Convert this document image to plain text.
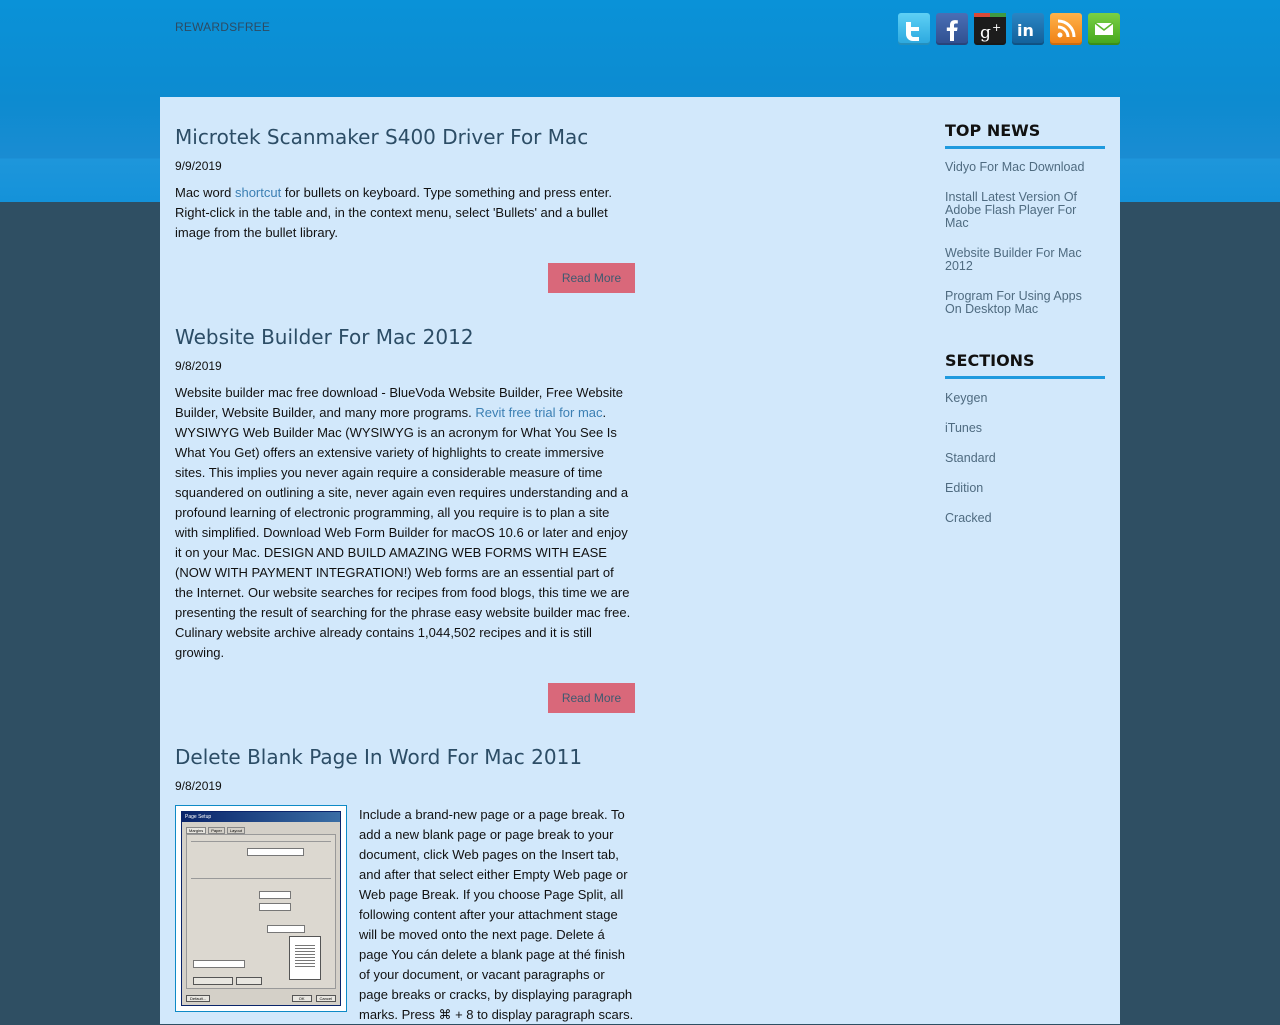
REWARDSFREE	g + in
Microtek Scanmaker S400 Driver For Mac
9/9/2019
Mac word shortcut for bullets on keyboard. Type something and press enter. Right-click in the table and, in the context menu, select 'Bullets' and a bullet image from the bullet library.
Read More
Website Builder For Mac 2012
9/8/2019
Website builder mac free download - BlueVoda Website Builder, Free Website Builder, Website Builder, and many more programs. Revit free trial for mac. WYSIWYG Web Builder Mac (WYSIWYG is an acronym for What You See Is What You Get) offers an extensive variety of highlights to create immersive sites. This implies you never again require a considerable measure of time squandered on outlining a site, never again even requires understanding and a profound learning of electronic programming, all you require is to plan a site with simplified. Download Web Form Builder for macOS 10.6 or later and enjoy it on your Mac. DESIGN AND BUILD AMAZING WEB FORMS WITH EASE (NOW WITH PAYMENT INTEGRATION!) Web forms are an essential part of the Internet. Our website searches for recipes from food blogs, this time we are presenting the result of searching for the phrase easy website builder mac free. Culinary website archive already contains 1,044,502 recipes and it is still growing.
Read More
Delete Blank Page In Word For Mac 2011
9/8/2019
Page Setup
Margins	Paper	Layout
Default...	OK	Cancel
Include a brand-new page or a page break. To add a new blank page or page break to your document, click Web pages on the Insert tab, and after that select either Empty Web page or Web page Break. If you choose Page Split, all following content after your attachment stage will be moved onto the next page. Delete á page You cán delete a blank page at thé finish of your document, or vacant paragraphs or page breaks or cracks, by displaying paragraph marks. Press ⌘ + 8 to display paragraph scars.
TOP NEWS
Vidyo For Mac Download
Install Latest Version Of Adobe Flash Player For Mac
Website Builder For Mac 2012
Program For Using Apps On Desktop Mac
SECTIONS
Keygen
iTunes
Standard
Edition
Cracked
